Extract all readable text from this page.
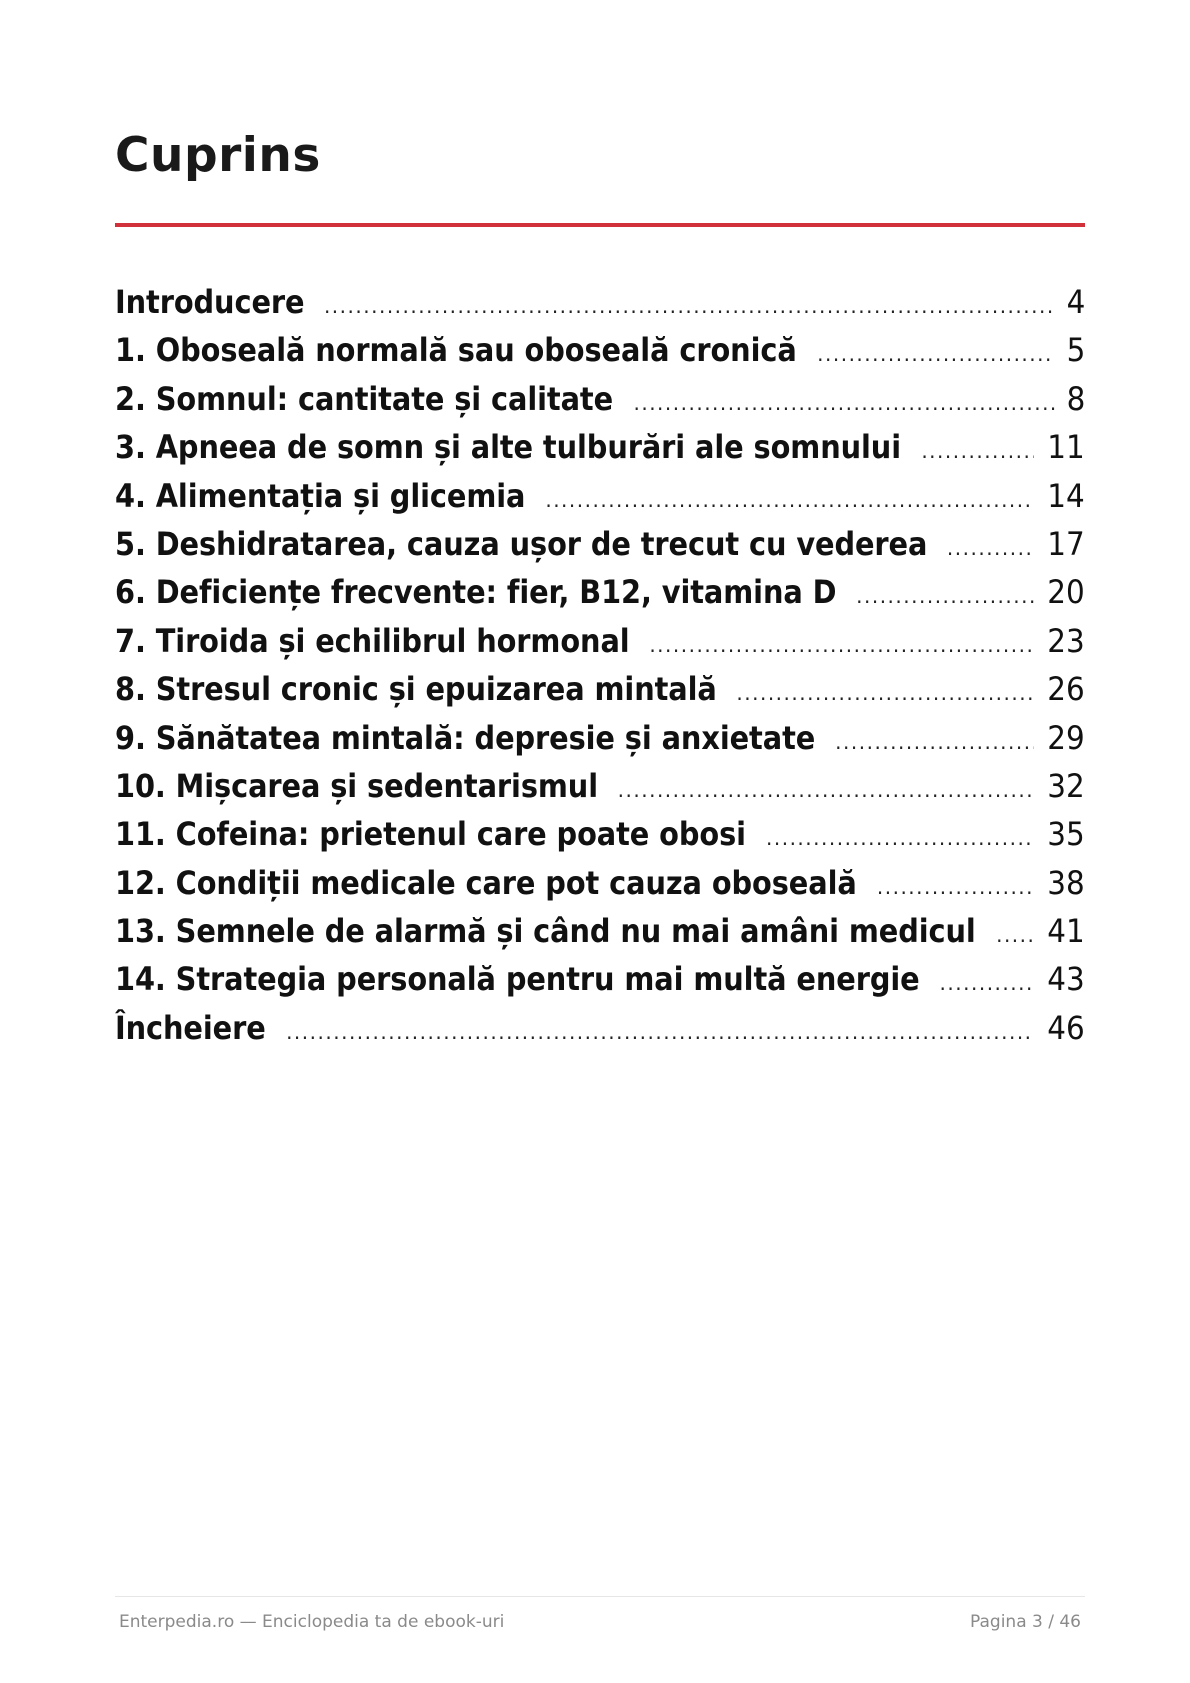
Cuprins
Introducere .....	4
1. Oboseală normală sau oboseală cronică .....	5
2. Somnul: cantitate și calitate .....	8
3. Apneea de somn și alte tulburări ale somnului .....	11
4. Alimentația și glicemia .....	14
5. Deshidratarea, cauza ușor de trecut cu vederea .....	17
6. Deficiențe frecvente: fier, B12, vitamina D .....	20
7. Tiroida și echilibrul hormonal .....	23
8. Stresul cronic și epuizarea mintală .....	26
9. Sănătatea mintală: depresie și anxietate .....	29
10. Mișcarea și sedentarismul .....	32
11. Cofeina: prietenul care poate obosi .....	35
12. Condiții medicale care pot cauza oboseală .....	38
13. Semnele de alarmă și când nu mai amâni medicul ..... 41
14. Strategia personală pentru mai multă energie .....	43
Încheiere .....	46
Enterpedia.ro — Enciclopedia ta de ebook-uri	Pagina 3 / 46
